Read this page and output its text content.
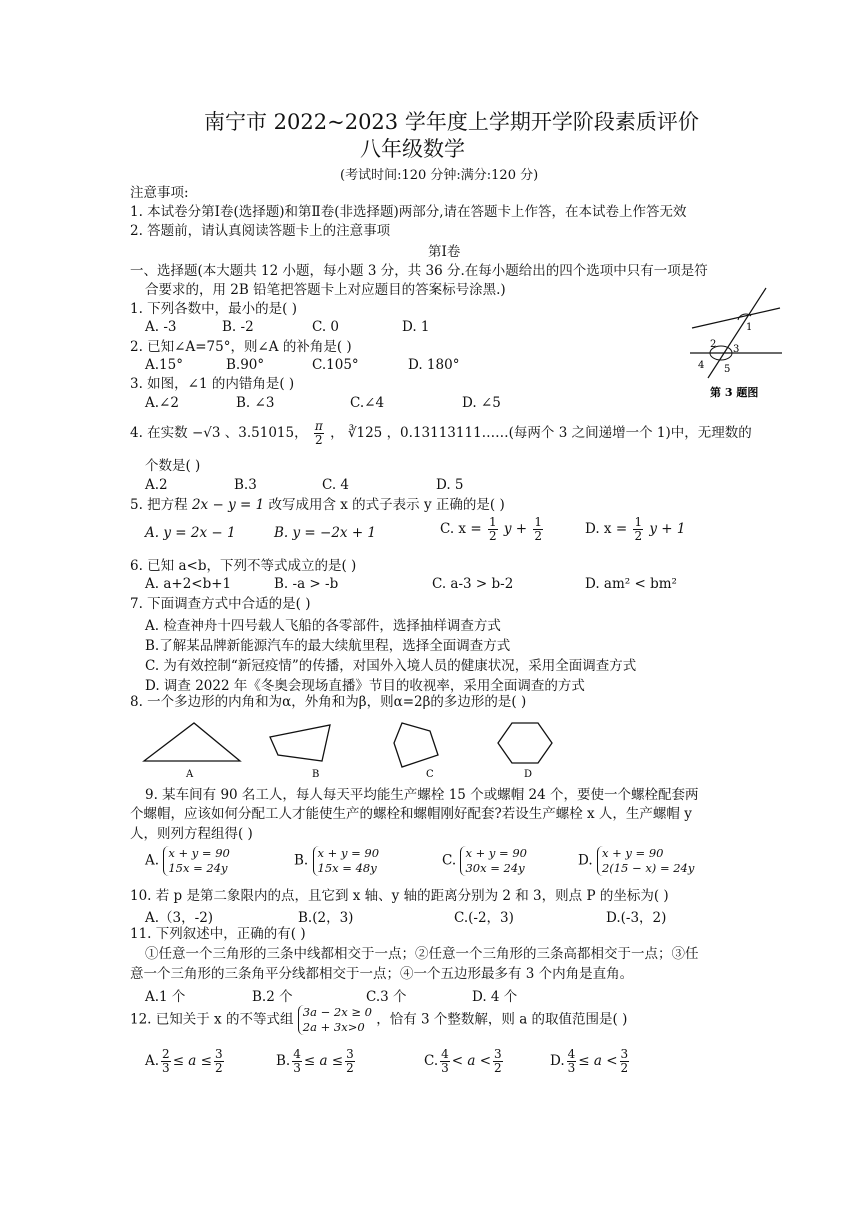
南宁市 2022~2023 学年度上学期开学阶段素质评价
八年级数学
(考试时间:120 分钟:满分:120 分)
注意事项:
1. 本试卷分第Ⅰ卷(选择题)和第Ⅱ卷(非选择题)两部分,请在答题卡上作答，在本试卷上作答无效
2. 答题前，请认真阅读答题卡上的注意事项
第Ⅰ卷
一、选择题(本大题共 12 小题，每小题 3 分，共 36 分.在每小题给出的四个选项中只有一项是符
合要求的，用 2B 铅笔把答题卡上对应题目的答案标号涂黑.)
1
2 3
4 5
第 3 题图
1. 下列各数中，最小的是( )
A. -3	B. -2	C. 0	D. 1
2. 已知∠A=75°，则∠A 的补角是( )
A.15°	B.90°	C.105°	D. 180°
3. 如图，∠1 的内错角是( )
A.∠2	B. ∠3	C.∠4	D. ∠5
4. 在实数 −√3 、3.51015， $\frac{\pi}{2}$ ， ∛125 ，0.13113111……(每两个 3 之间递增一个 1)中，无理数的
个数是( )
A.2	B.3	C. 4	D. 5
5. 把方程 2x − y = 1 改写成用含 x 的式子表示 y 正确的是( )
A. y = 2x − 1	B. y = −2x + 1	C. $x = \frac{1}{2}$ $y + \frac{1}{2}$	D. $x = \frac{1}{2}$ y + 1
6. 已知 a<b，下列不等式成立的是( )
A. a+2<b+1	B. -a > -b	C. a-3 > b-2	D. am² < bm²
7. 下面调查方式中合适的是( )
A. 检查神舟十四号载人飞船的各零部件，选择抽样调查方式
B.了解某品牌新能源汽车的最大续航里程，选择全面调查方式
C. 为有效控制“新冠疫情”的传播，对国外入境人员的健康状况，采用全面调查方式
D. 调查 2022 年《冬奥会现场直播》节目的收视率，采用全面调查的方式
8. 一个多边形的内角和为α，外角和为β，则α=2β的多边形的是( )
A	B	C	D
9. 某车间有 90 名工人，每人每天平均能生产螺栓 15 个或螺帽 24 个，要使一个螺栓配套两
个螺帽，应该如何分配工人才能使生产的螺栓和螺帽刚好配套?若设生产螺栓 x 人，生产螺帽 y
人，则列方程组得( )
A. x + y = 90
15x = 24y	B. x + y = 90
15x = 48y	C. x + y = 90
30x = 24y	D. x + y = 90
2(15 − x) = 24y
10. 若 p 是第二象限内的点，且它到 x 轴、y 轴的距离分别为 2 和 3，则点 P 的坐标为( )
A.（3，-2)	B.(2，3)	C.(-2，3)	D.(-3，2)
11. 下列叙述中，正确的有( )
①任意一个三角形的三条中线都相交于一点；②任意一个三角形的三条高都相交于一点；③任
意一个三角形的三条角平分线都相交于一点；④一个五边形最多有 3 个内角是直角。
A.1 个	B.2 个	C.3 个	D. 4 个
12. 已知关于 x 的不等式组 3a − 2x ≥ 0
2a + 3x>0 ，恰有 3 个整数解，则 a 的取值范围是( )
A. $\frac{2}{3} \le a \le \frac{3}{2}$	B. $\frac{4}{3} \le a \le \frac{3}{2}$	C. $\frac{4}{3} < a < \frac{3}{2}$	D. $\frac{4}{3} \le a < \frac{3}{2}$
